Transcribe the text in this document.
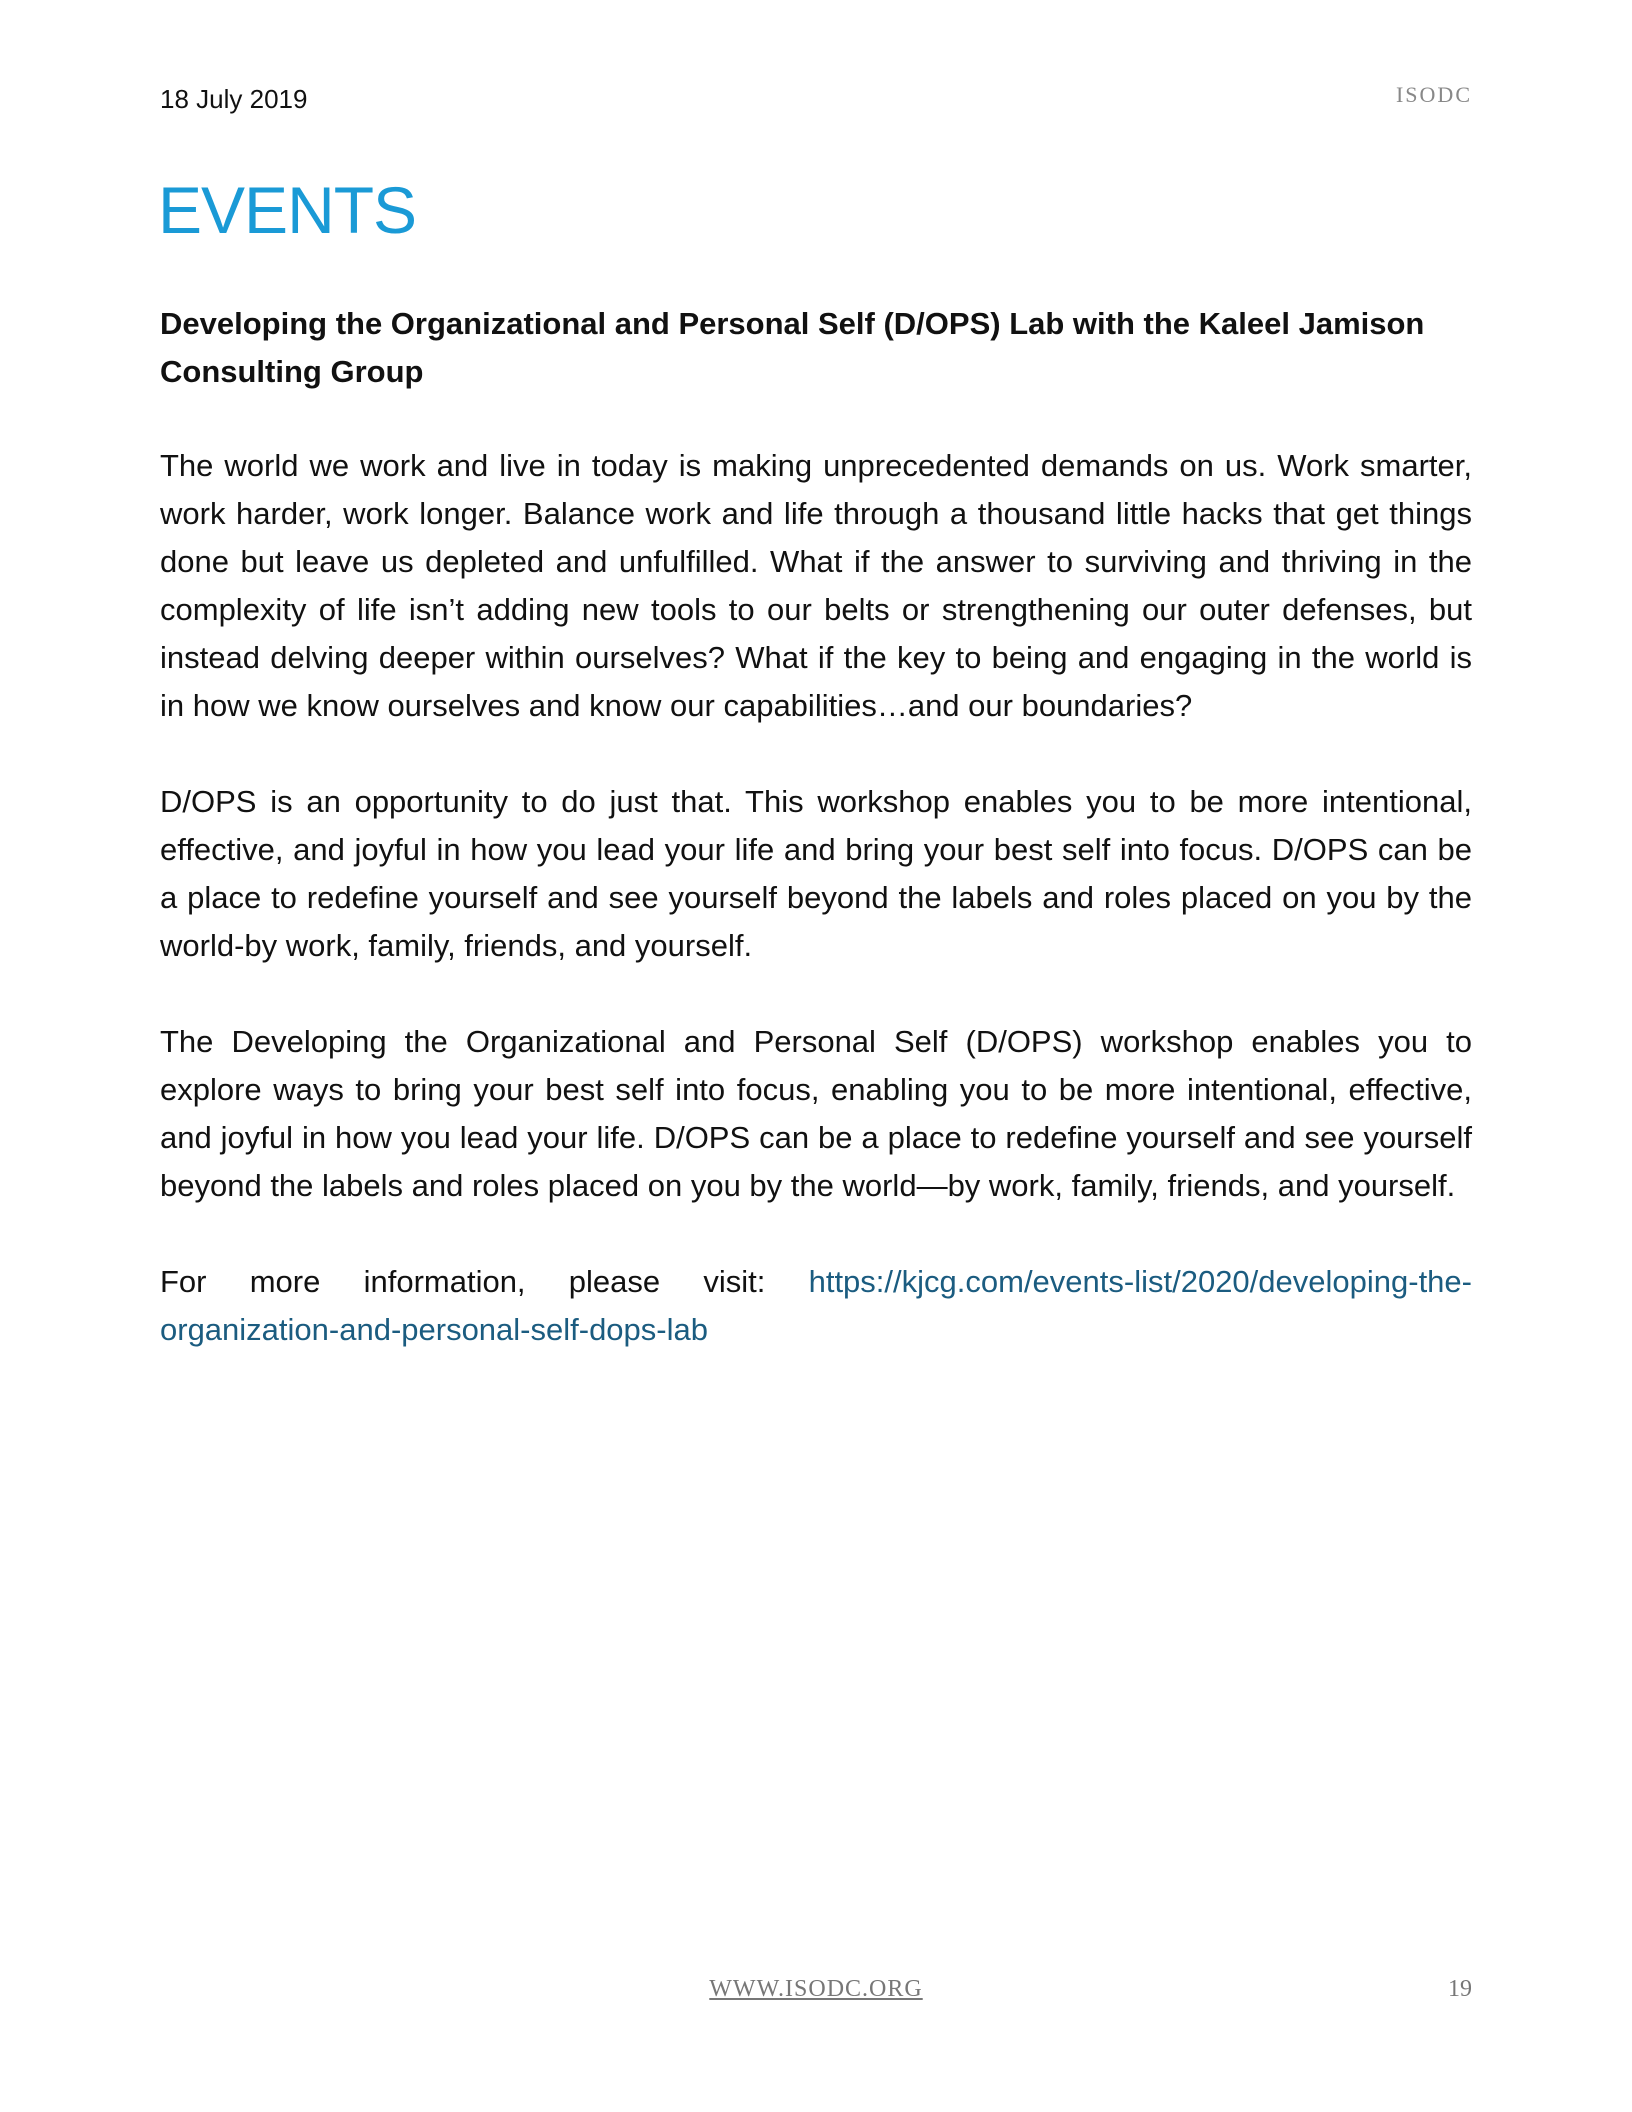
18 July 2019	ISODC
EVENTS

Developing the Organizational and Personal Self (D/OPS) Lab with the Kaleel Jamison Consulting Group

The world we work and live in today is making unprecedented demands on us. Work smarter, work harder, work longer. Balance work and life through a thousand little hacks that get things done but leave us depleted and unfulfilled. What if the answer to surviving and thriving in the complexity of life isn’t adding new tools to our belts or strengthening our outer defenses, but instead delving deeper within ourselves? What if the key to being and engaging in the world is in how we know ourselves and know our capabilities…and our boundaries?

D/OPS is an opportunity to do just that. This workshop enables you to be more intentional, effective, and joyful in how you lead your life and bring your best self into focus. D/OPS can be a place to redefine yourself and see yourself beyond the labels and roles placed on you by the world-by work, family, friends, and yourself.

The Developing the Organizational and Personal Self (D/OPS) workshop enables you to explore ways to bring your best self into focus, enabling you to be more intentional, effective, and joyful in how you lead your life. D/OPS can be a place to redefine yourself and see yourself beyond the labels and roles placed on you by the world—by work, family, friends, and yourself.

For more information, please visit: https://kjcg.com/events-list/2020/developing-the-organization-and-personal-self-dops-lab

WWW.ISODC.ORG	19
